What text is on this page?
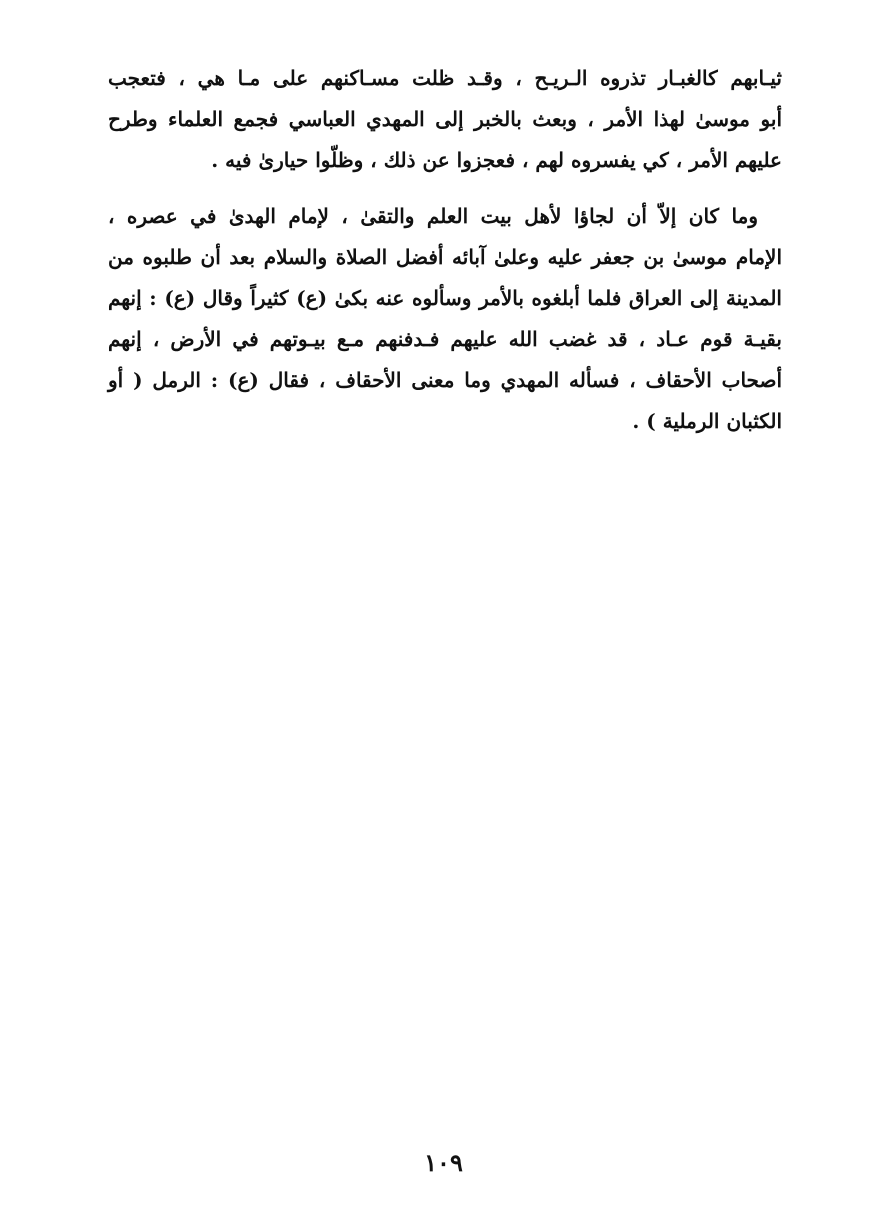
ثيـابهم كالغبـار تذروه الـريـح ، وقـد ظلت مسـاكنهم على مـا هي ، فتعجب
أبو موسىٰ لهذا الأمر ، وبعث بالخبر إلى المهدي العباسي فجمع العلماء وطرح
عليهم الأمر ، كي يفسروه لهم ، فعجزوا عن ذلك ، وظلّوا حيارىٰ فيه .
وما كان إلاّ أن لجاؤا لأهل بيت العلم والتقىٰ ، لإمام الهدىٰ في عصره ،
الإمام موسىٰ بن جعفر عليه وعلىٰ آبائه أفضل الصلاة والسلام بعد أن طلبوه من
المدينة إلى العراق فلما أبلغوه بالأمر وسألوه عنه بكىٰ (ع) كثيراً وقال (ع) : إنهم
بقيـة قوم عـاد ، قد غضب الله عليهم فـدفنهم مـع بيـوتهم في الأرض ، إنهم
أصحاب الأحقاف ، فسأله المهدي وما معنى الأحقاف ، فقال (ع) : الرمل ( أو
الكثبان الرملية ) .
١٠٩
